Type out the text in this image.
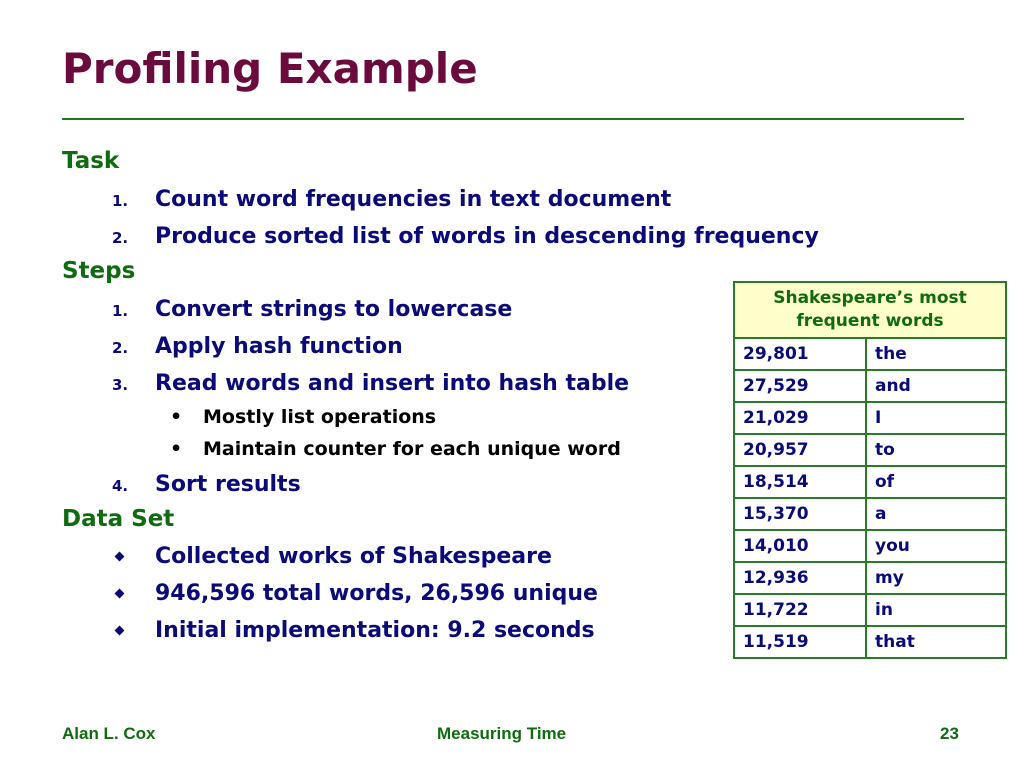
Profiling Example
Task
1.	Count word frequencies in text document
2.	Produce sorted list of words in descending frequency
Steps
1.	Convert strings to lowercase
2.	Apply hash function
3.	Read words and insert into hash table
• Mostly list operations
• Maintain counter for each unique word
4.	Sort results
Data Set
Collected works of Shakespeare
946,596 total words, 26,596 unique
Initial implementation: 9.2 seconds
Shakespeare’s most frequent words	
29,801	the
27,529	and
21,029	I
20,957	to
18,514	of
15,370	a
14,010	you
12,936	my
11,722	in
11,519	that
Alan L. Cox	Measuring Time	23
